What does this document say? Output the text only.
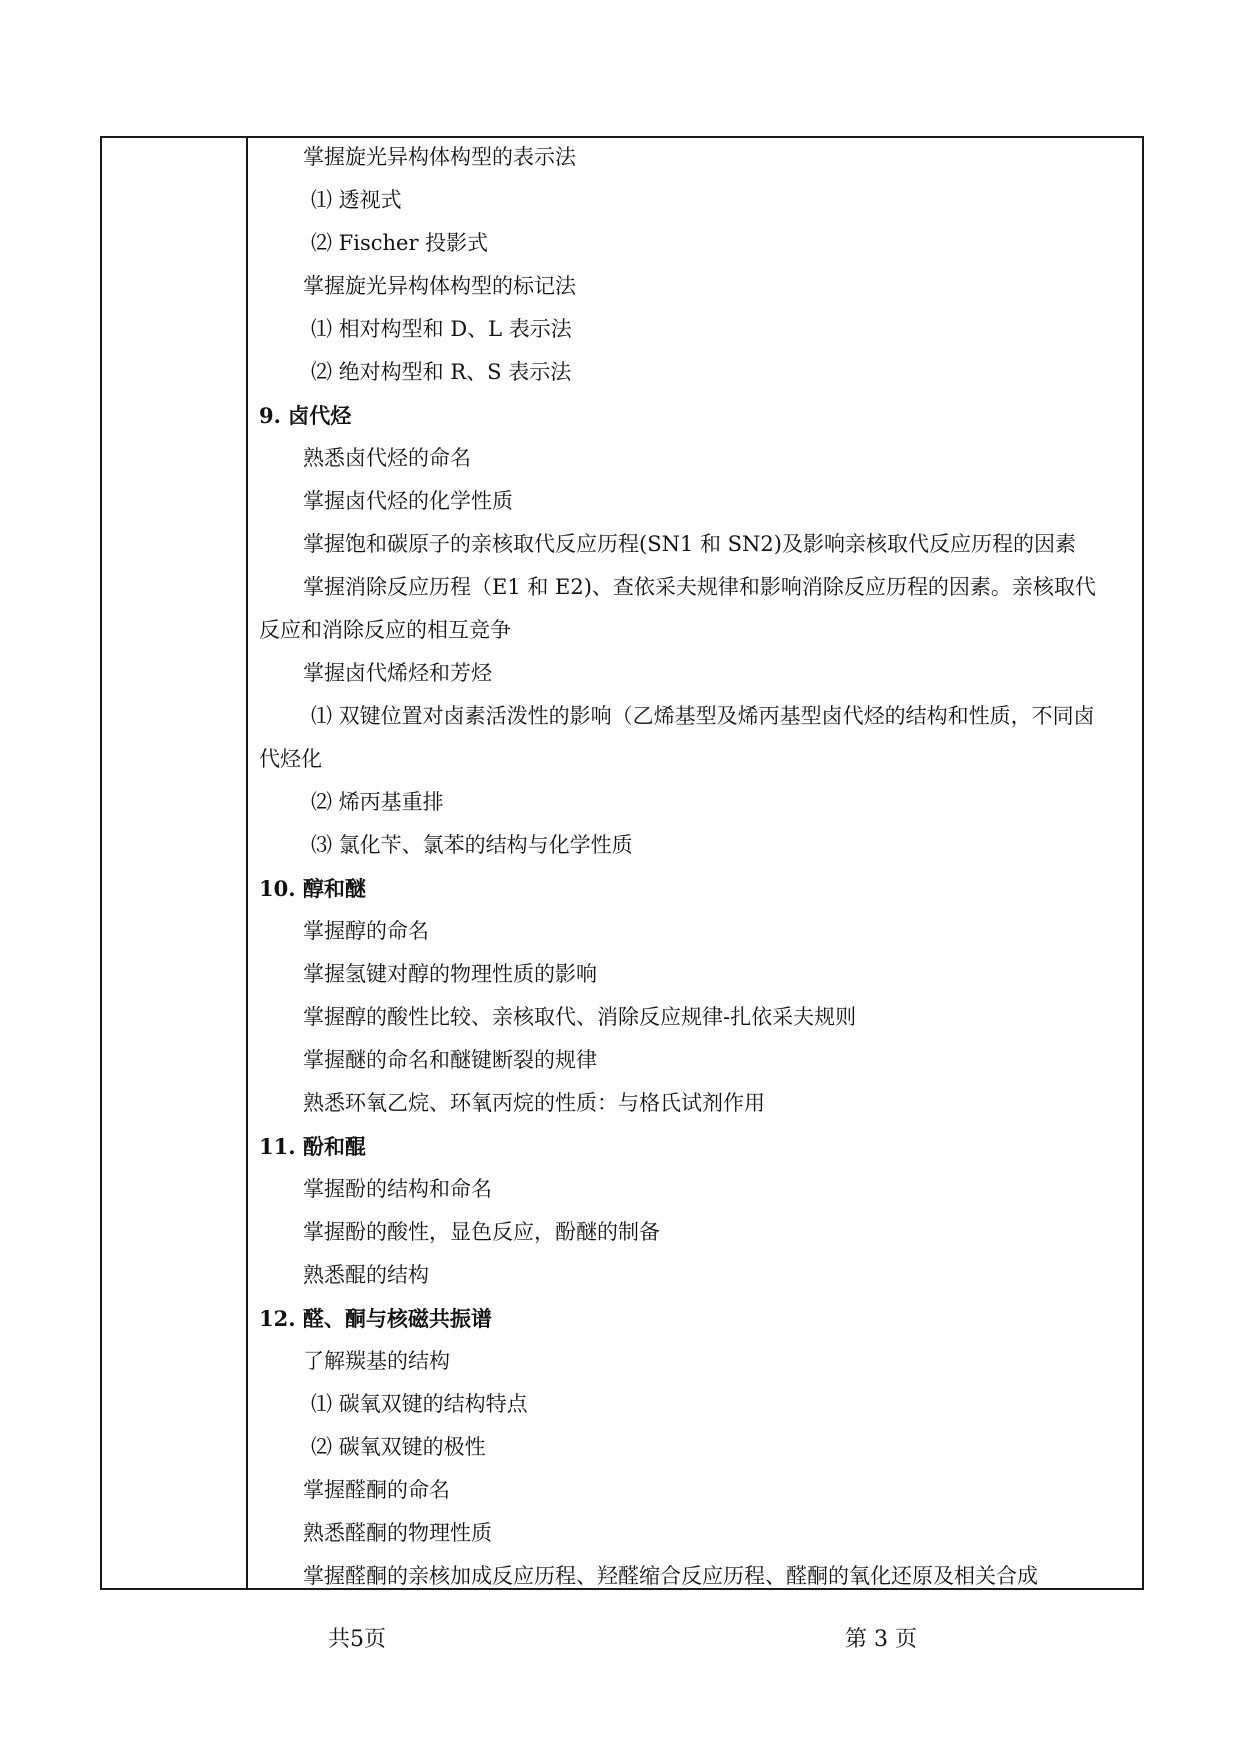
掌握旋光异构体构型的表示法
⑴ 透视式
⑵ Fischer 投影式
掌握旋光异构体构型的标记法
⑴ 相对构型和 D、L 表示法
⑵ 绝对构型和 R、S 表示法
9. 卤代烃
熟悉卤代烃的命名
掌握卤代烃的化学性质
掌握饱和碳原子的亲核取代反应历程(SN1 和 SN2)及影响亲核取代反应历程的因素
掌握消除反应历程（E1 和 E2)、查依采夫规律和影响消除反应历程的因素。亲核取代
反应和消除反应的相互竞争
掌握卤代烯烃和芳烃
⑴ 双键位置对卤素活泼性的影响（乙烯基型及烯丙基型卤代烃的结构和性质，不同卤
代烃化
⑵ 烯丙基重排
⑶ 氯化苄、氯苯的结构与化学性质
10. 醇和醚
掌握醇的命名
掌握氢键对醇的物理性质的影响
掌握醇的酸性比较、亲核取代、消除反应规律-扎依采夫规则
掌握醚的命名和醚键断裂的规律
熟悉环氧乙烷、环氧丙烷的性质：与格氏试剂作用
11. 酚和醌
掌握酚的结构和命名
掌握酚的酸性，显色反应，酚醚的制备
熟悉醌的结构
12. 醛、酮与核磁共振谱
了解羰基的结构
⑴ 碳氧双键的结构特点
⑵ 碳氧双键的极性
掌握醛酮的命名
熟悉醛酮的物理性质
掌握醛酮的亲核加成反应历程、羟醛缩合反应历程、醛酮的氧化还原及相关合成
共5页	第 3 页
